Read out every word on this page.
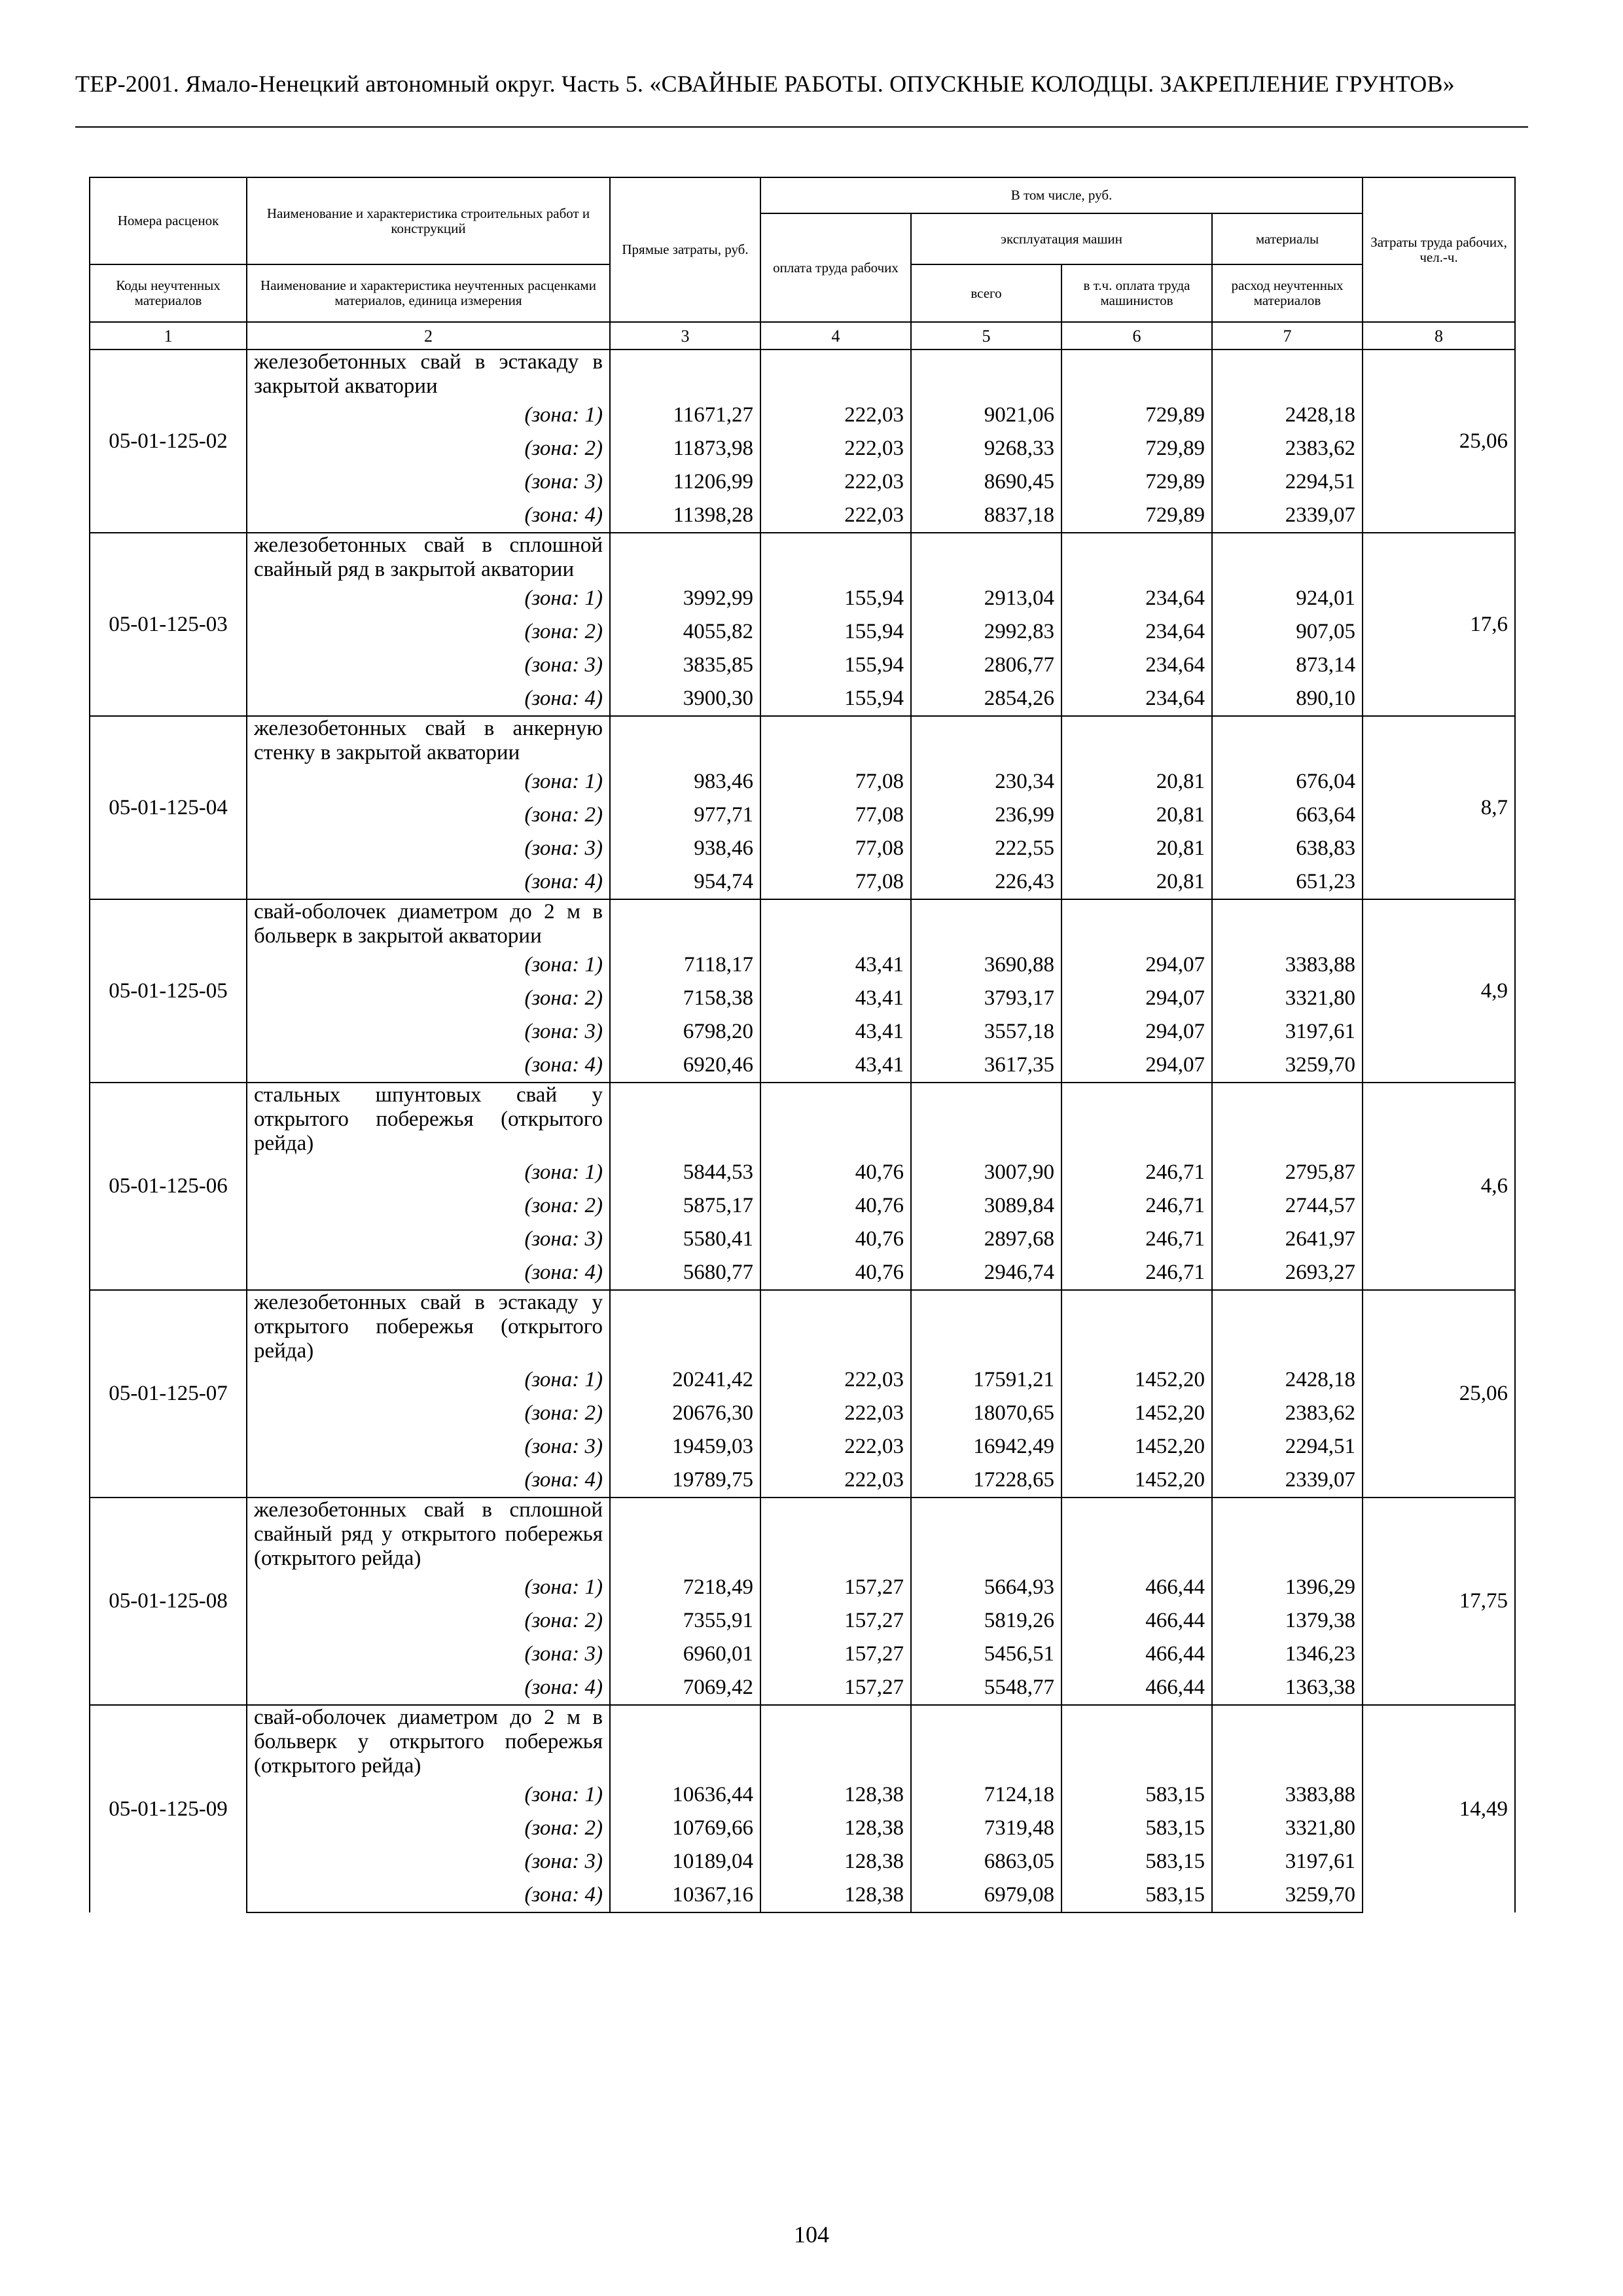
ТЕР-2001. Ямало-Ненецкий автономный округ. Часть 5. «СВАЙНЫЕ РАБОТЫ. ОПУСКНЫЕ КОЛОДЦЫ. ЗАКРЕПЛЕНИЕ ГРУНТОВ»
Номера расценок	Наименование и характеристика строительных работ и конструкций	Прямые затраты, руб.	В том числе, руб.				Затраты труда рабочих, чел.-ч.
			оплата труда рабочих	эксплуатация машин		материалы	
Коды неучтенных материалов	Наименование и характеристика неучтенных расценками материалов, единица измерения			всего	в т.ч. оплата труда машинистов	расход неучтенных материалов	
1	2	3	4	5	6	7	8
05-01-125-02	железобетонных свай в эстакаду в закрытой акватории						25,06
	(зона: 1)	11671,27	222,03	9021,06	729,89	2428,18	
	(зона: 2)	11873,98	222,03	9268,33	729,89	2383,62	
	(зона: 3)	11206,99	222,03	8690,45	729,89	2294,51	
	(зона: 4)	11398,28	222,03	8837,18	729,89	2339,07	
05-01-125-03	железобетонных свай в сплошной свайный ряд в закрытой акватории						17,6
	(зона: 1)	3992,99	155,94	2913,04	234,64	924,01	
	(зона: 2)	4055,82	155,94	2992,83	234,64	907,05	
	(зона: 3)	3835,85	155,94	2806,77	234,64	873,14	
	(зона: 4)	3900,30	155,94	2854,26	234,64	890,10	
05-01-125-04	железобетонных свай в анкерную стенку в закрытой акватории						8,7
	(зона: 1)	983,46	77,08	230,34	20,81	676,04	
	(зона: 2)	977,71	77,08	236,99	20,81	663,64	
	(зона: 3)	938,46	77,08	222,55	20,81	638,83	
	(зона: 4)	954,74	77,08	226,43	20,81	651,23	
05-01-125-05	свай-оболочек диаметром до 2 м в больверк в закрытой акватории						4,9
	(зона: 1)	7118,17	43,41	3690,88	294,07	3383,88	
	(зона: 2)	7158,38	43,41	3793,17	294,07	3321,80	
	(зона: 3)	6798,20	43,41	3557,18	294,07	3197,61	
	(зона: 4)	6920,46	43,41	3617,35	294,07	3259,70	
05-01-125-06	стальных шпунтовых свай у открытого побережья (открытого рейда)						4,6
	(зона: 1)	5844,53	40,76	3007,90	246,71	2795,87	
	(зона: 2)	5875,17	40,76	3089,84	246,71	2744,57	
	(зона: 3)	5580,41	40,76	2897,68	246,71	2641,97	
	(зона: 4)	5680,77	40,76	2946,74	246,71	2693,27	
05-01-125-07	железобетонных свай в эстакаду у открытого побережья (открытого рейда)						25,06
	(зона: 1)	20241,42	222,03	17591,21	1452,20	2428,18	
	(зона: 2)	20676,30	222,03	18070,65	1452,20	2383,62	
	(зона: 3)	19459,03	222,03	16942,49	1452,20	2294,51	
	(зона: 4)	19789,75	222,03	17228,65	1452,20	2339,07	
05-01-125-08	железобетонных свай в сплошной свайный ряд у открытого побережья (открытого рейда)						17,75
	(зона: 1)	7218,49	157,27	5664,93	466,44	1396,29	
	(зона: 2)	7355,91	157,27	5819,26	466,44	1379,38	
	(зона: 3)	6960,01	157,27	5456,51	466,44	1346,23	
	(зона: 4)	7069,42	157,27	5548,77	466,44	1363,38	
05-01-125-09	свай-оболочек диаметром до 2 м в больверк у открытого побережья (открытого рейда)						14,49
	(зона: 1)	10636,44	128,38	7124,18	583,15	3383,88	
	(зона: 2)	10769,66	128,38	7319,48	583,15	3321,80	
	(зона: 3)	10189,04	128,38	6863,05	583,15	3197,61	
	(зона: 4)	10367,16	128,38	6979,08	583,15	3259,70	
104
